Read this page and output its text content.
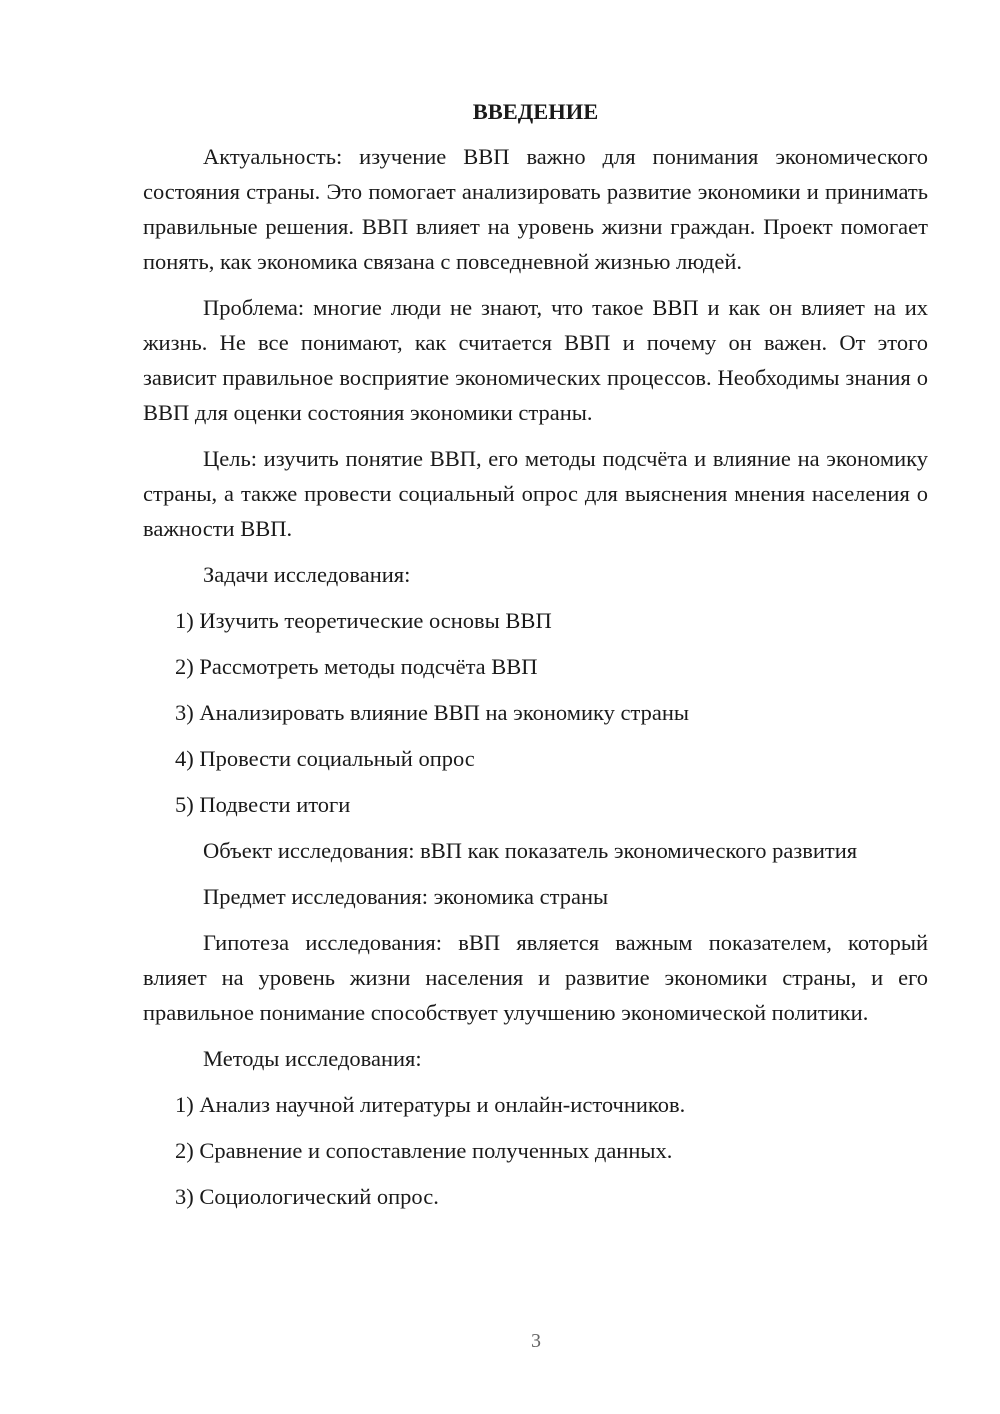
ВВЕДЕНИЕ

Актуальность: изучение ВВП важно для понимания экономического состояния страны. Это помогает анализировать развитие экономики и принимать правильные решения. ВВП влияет на уровень жизни граждан. Проект помогает понять, как экономика связана с повседневной жизнью людей.

Проблема: многие люди не знают, что такое ВВП и как он влияет на их жизнь. Не все понимают, как считается ВВП и почему он важен. От этого зависит правильное восприятие экономических процессов. Необходимы знания о ВВП для оценки состояния экономики страны.

Цель: изучить понятие ВВП, его методы подсчёта и влияние на экономику страны, а также провести социальный опрос для выяснения мнения населения о важности ВВП.

Задачи исследования:

1) Изучить теоретические основы ВВП
2) Рассмотреть методы подсчёта ВВП
3) Анализировать влияние ВВП на экономику страны
4) Провести социальный опрос
5) Подвести итоги

Объект исследования: вВП как показатель экономического развития

Предмет исследования: экономика страны

Гипотеза исследования: вВП является важным показателем, который влияет на уровень жизни населения и развитие экономики страны, и его правильное понимание способствует улучшению экономической политики.

Методы исследования:

1) Анализ научной литературы и онлайн-источников.
2) Сравнение и сопоставление полученных данных.
3) Социологический опрос.
3
